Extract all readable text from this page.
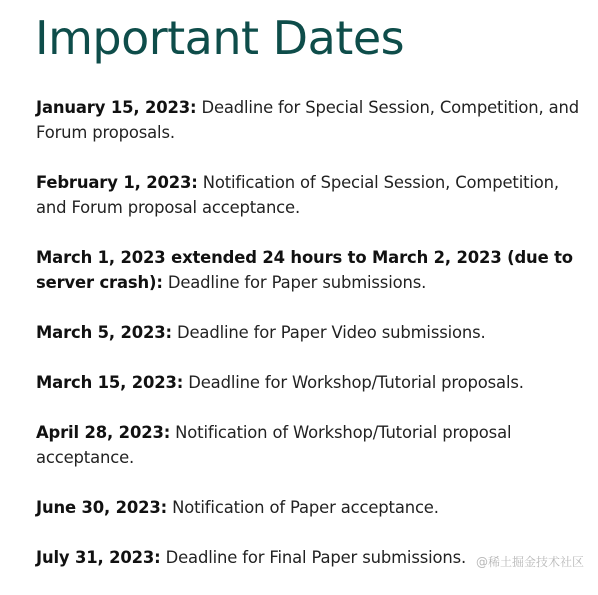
Important Dates
January 15, 2023: Deadline for Special Session, Competition, and Forum proposals.
February 1, 2023: Notification of Special Session, Competition, and Forum proposal acceptance.
March 1, 2023 extended 24 hours to March 2, 2023 (due to server crash): Deadline for Paper submissions.
March 5, 2023: Deadline for Paper Video submissions.
March 15, 2023: Deadline for Workshop/Tutorial proposals.
April 28, 2023: Notification of Workshop/Tutorial proposal acceptance.
June 30, 2023: Notification of Paper acceptance.
July 31, 2023: Deadline for Final Paper submissions. @稀土掘金技术社区
